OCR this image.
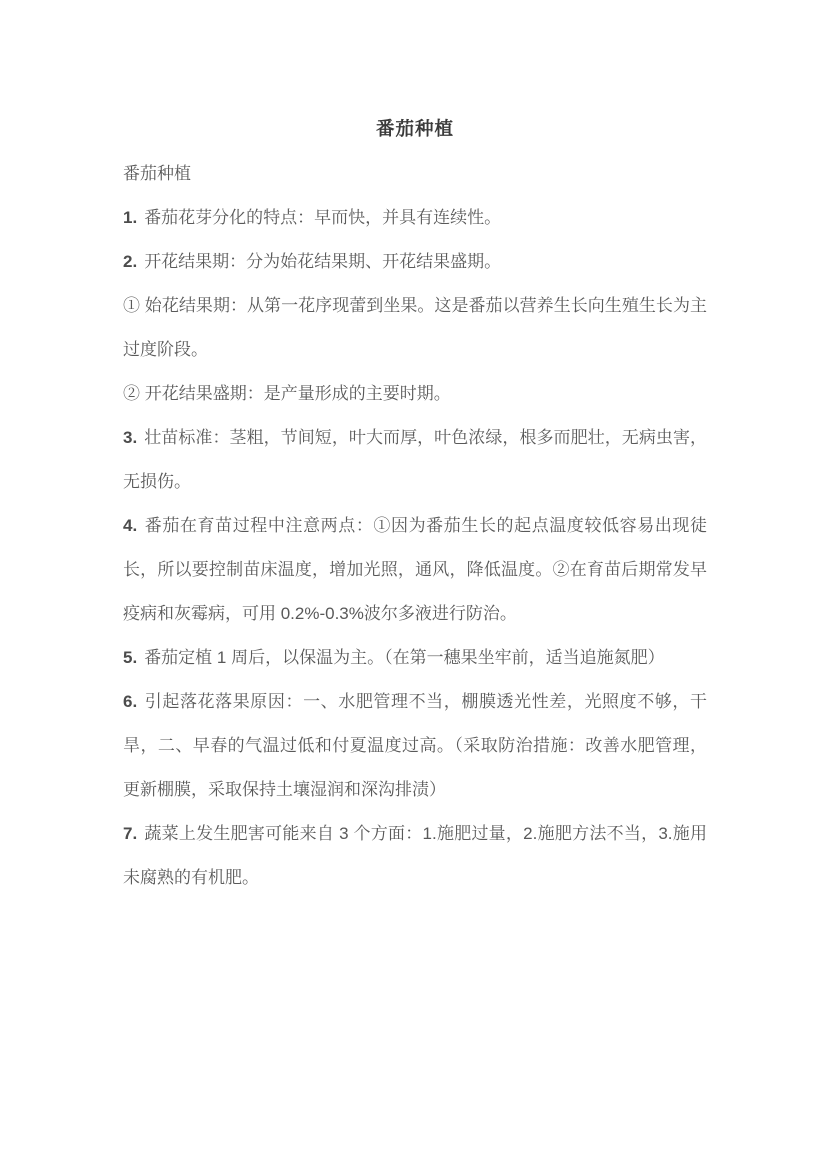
番茄种植

番茄种植

1. 番茄花芽分化的特点：早而快，并具有连续性。

2. 开花结果期：分为始花结果期、开花结果盛期。

① 始花结果期：从第一花序现蕾到坐果。这是番茄以营养生长向生殖生长为主过度阶段。

② 开花结果盛期：是产量形成的主要时期。

3. 壮苗标准：茎粗，节间短，叶大而厚，叶色浓绿，根多而肥壮，无病虫害，无损伤。

4. 番茄在育苗过程中注意两点：①因为番茄生长的起点温度较低容易出现徒长，所以要控制苗床温度，增加光照，通风，降低温度。②在育苗后期常发早疫病和灰霉病，可用 0.2%-0.3%波尔多液进行防治。

5. 番茄定植 1 周后，以保温为主。（在第一穗果坐牢前，适当追施氮肥）

6. 引起落花落果原因：一、水肥管理不当，棚膜透光性差，光照度不够，干旱，二、早春的气温过低和付夏温度过高。（采取防治措施：改善水肥管理，更新棚膜，采取保持土壤湿润和深沟排渍）

7. 蔬菜上发生肥害可能来自 3 个方面：1.施肥过量，2.施肥方法不当，3.施用未腐熟的有机肥。
